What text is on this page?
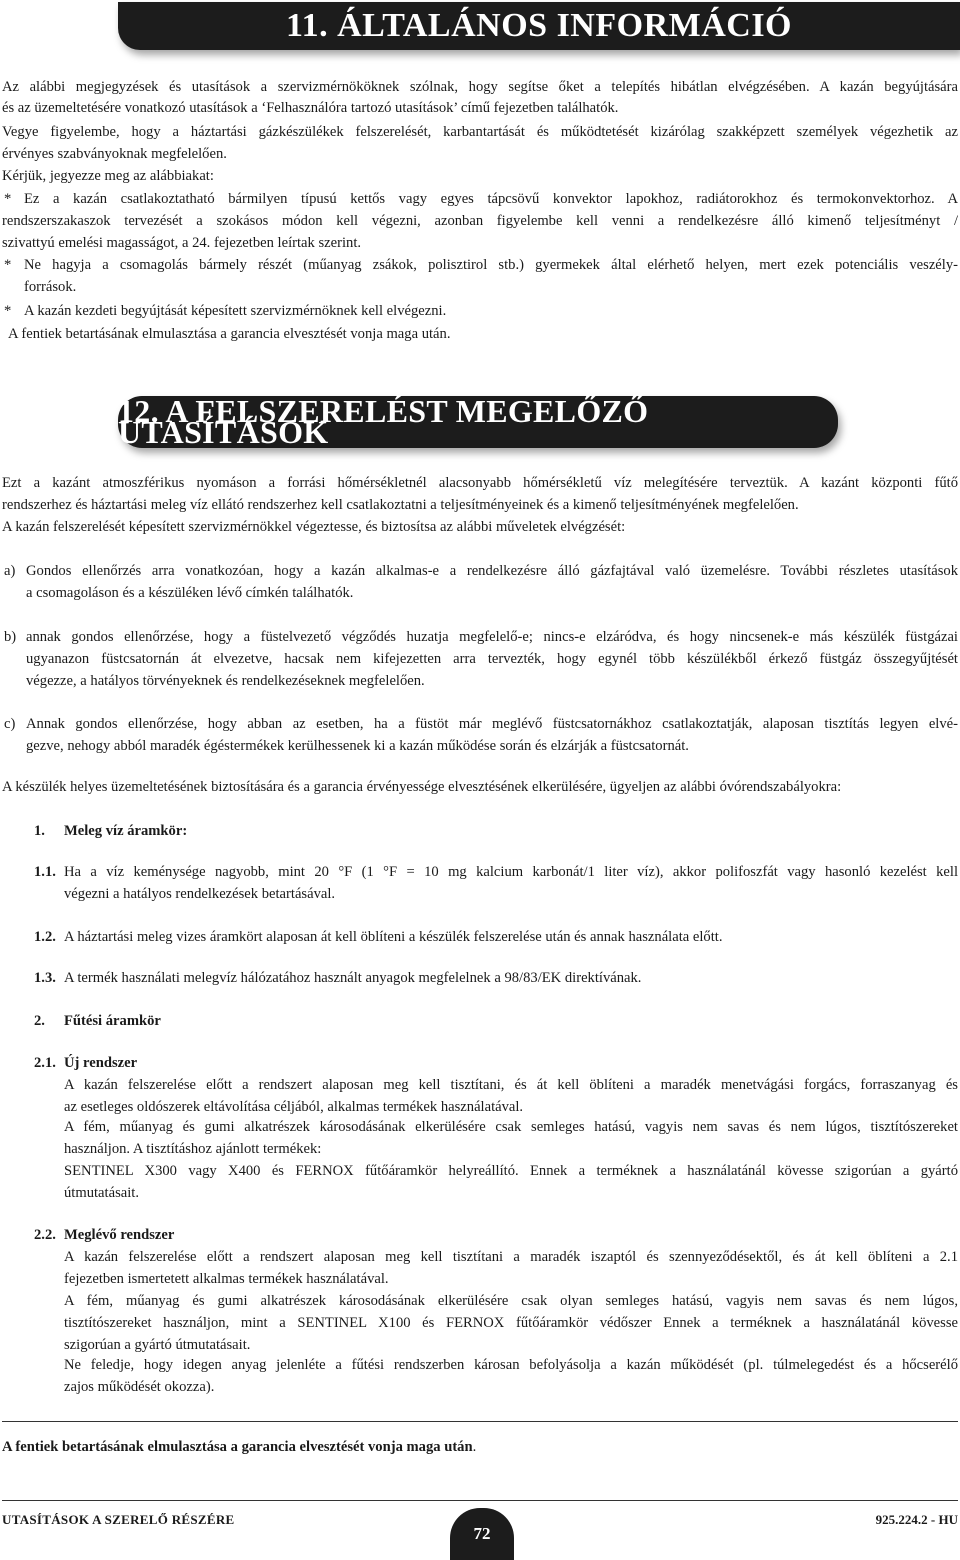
11. ÁLTALÁNOS INFORMÁCIÓ

Az alábbi megjegyzések és utasítások a szervizmérnököknek szólnak, hogy segítse őket a telepítés hibátlan elvégzésében. A kazán begyújtására

és az üzemeltetésére vonatkozó utasítások a ‘Felhasználóra tartozó utasítások’ című fejezetben találhatók.

Vegye figyelembe, hogy a háztartási gázkészülékek felszerelését, karbantartását és működtetését kizárólag szakképzett személyek végezhetik az

érvényes szabványoknak megfelelően.

Kérjük, jegyezze meg az alábbiakat:

* Ez a kazán csatlakoztatható bármilyen típusú kettős vagy egyes tápcsövű konvektor lapokhoz, radiátorokhoz és termokonvektorhoz. A

rendszerszakaszok tervezését a szokásos módon kell végezni, azonban figyelembe kell venni a rendelkezésre álló kimenő teljesítményt /

szivattyú emelési magasságot, a 24. fejezetben leírtak szerint.

* Ne hagyja a csomagolás bármely részét (műanyag zsákok, polisztirol stb.) gyermekek által elérhető helyen, mert ezek potenciális veszély-

források.

* A kazán kezdeti begyújtását képesített szervizmérnöknek kell elvégezni.

A fentiek betartásának elmulasztása a garancia elvesztését vonja maga után.

12. A FELSZERELÉST MEGELŐZŐ UTASÍTÁSOK

Ezt a kazánt atmoszférikus nyomáson a forrási hőmérsékletnél alacsonyabb hőmérsékletű víz melegítésére terveztük. A kazánt központi fűtő

rendszerhez és háztartási meleg víz ellátó rendszerhez kell csatlakoztatni a teljesítményeinek és a kimenő teljesítményének megfelelően.

A kazán felszerelését képesített szervizmérnökkel végeztesse, és biztosítsa az alábbi műveletek elvégzését:

a) Gondos ellenőrzés arra vonatkozóan, hogy a kazán alkalmas-e a rendelkezésre álló gázfajtával való üzemelésre. További részletes utasítások

a csomagoláson és a készüléken lévő címkén találhatók.

b) annak gondos ellenőrzése, hogy a füstelvezető végződés huzatja megfelelő-e; nincs-e elzáródva, és hogy nincsenek-e más készülék füstgázai

ugyanazon füstcsatornán át elvezetve, hacsak nem kifejezetten arra tervezték, hogy egynél több készülékből érkező füstgáz összegyűjtését

végezze, a hatályos törvényeknek és rendelkezéseknek megfelelően.

c) Annak gondos ellenőrzése, hogy abban az esetben, ha a füstöt már meglévő füstcsatornákhoz csatlakoztatják, alaposan tisztítás legyen elvé-

gezve, nehogy abból maradék égéstermékek kerülhessenek ki a kazán működése során és elzárják a füstcsatornát.

A készülék helyes üzemeltetésének biztosítására és a garancia érvényessége elvesztésének elkerülésére, ügyeljen az alábbi óvórendszabályokra:

1. Meleg víz áramkör:
1.1. Ha a víz keménysége nagyobb, mint 20 °F (1 °F = 10 mg kalcium karbonát/1 liter víz), akkor polifoszfát vagy hasonló kezelést kell

végezni a hatályos rendelkezések betartásával.

1.2. A háztartási meleg vizes áramkört alaposan át kell öblíteni a készülék felszerelése után és annak használata előtt.

1.3. A termék használati melegvíz hálózatához használt anyagok megfelelnek a 98/83/EK direktívának.

2. Fűtési áramkör
2.1. Új rendszer

A kazán felszerelése előtt a rendszert alaposan meg kell tisztítani, és át kell öblíteni a maradék menetvágási forgács, forraszanyag és

az esetleges oldószerek eltávolítása céljából, alkalmas termékek használatával.

A fém, műanyag és gumi alkatrészek károsodásának elkerülésére csak semleges hatású, vagyis nem savas és nem lúgos, tisztítószereket

használjon. A tisztításhoz ajánlott termékek:

SENTINEL X300 vagy X400 és FERNOX fűtőáramkör helyreállító. Ennek a terméknek a használatánál kövesse szigorúan a gyártó

útmutatásait.

2.2. Meglévő rendszer

A kazán felszerelése előtt a rendszert alaposan meg kell tisztítani a maradék iszaptól és szennyeződésektől, és át kell öblíteni a 2.1

fejezetben ismertetett alkalmas termékek használatával.

A fém, műanyag és gumi alkatrészek károsodásának elkerülésére csak olyan semleges hatású, vagyis nem savas és nem lúgos,

tisztítószereket használjon, mint a SENTINEL X100 és FERNOX fűtőáramkör védőszer Ennek a terméknek a használatánál kövesse

szigorúan a gyártó útmutatásait.

Ne feledje, hogy idegen anyag jelenléte a fűtési rendszerben károsan befolyásolja a kazán működését (pl. túlmelegedést és a hőcserélő

zajos működését okozza).

A fentiek betartásának elmulasztása a garancia elvesztését vonja maga után.

UTASÍTÁSOK A SZERELŐ RÉSZÉRE

72

925.224.2 - HU
